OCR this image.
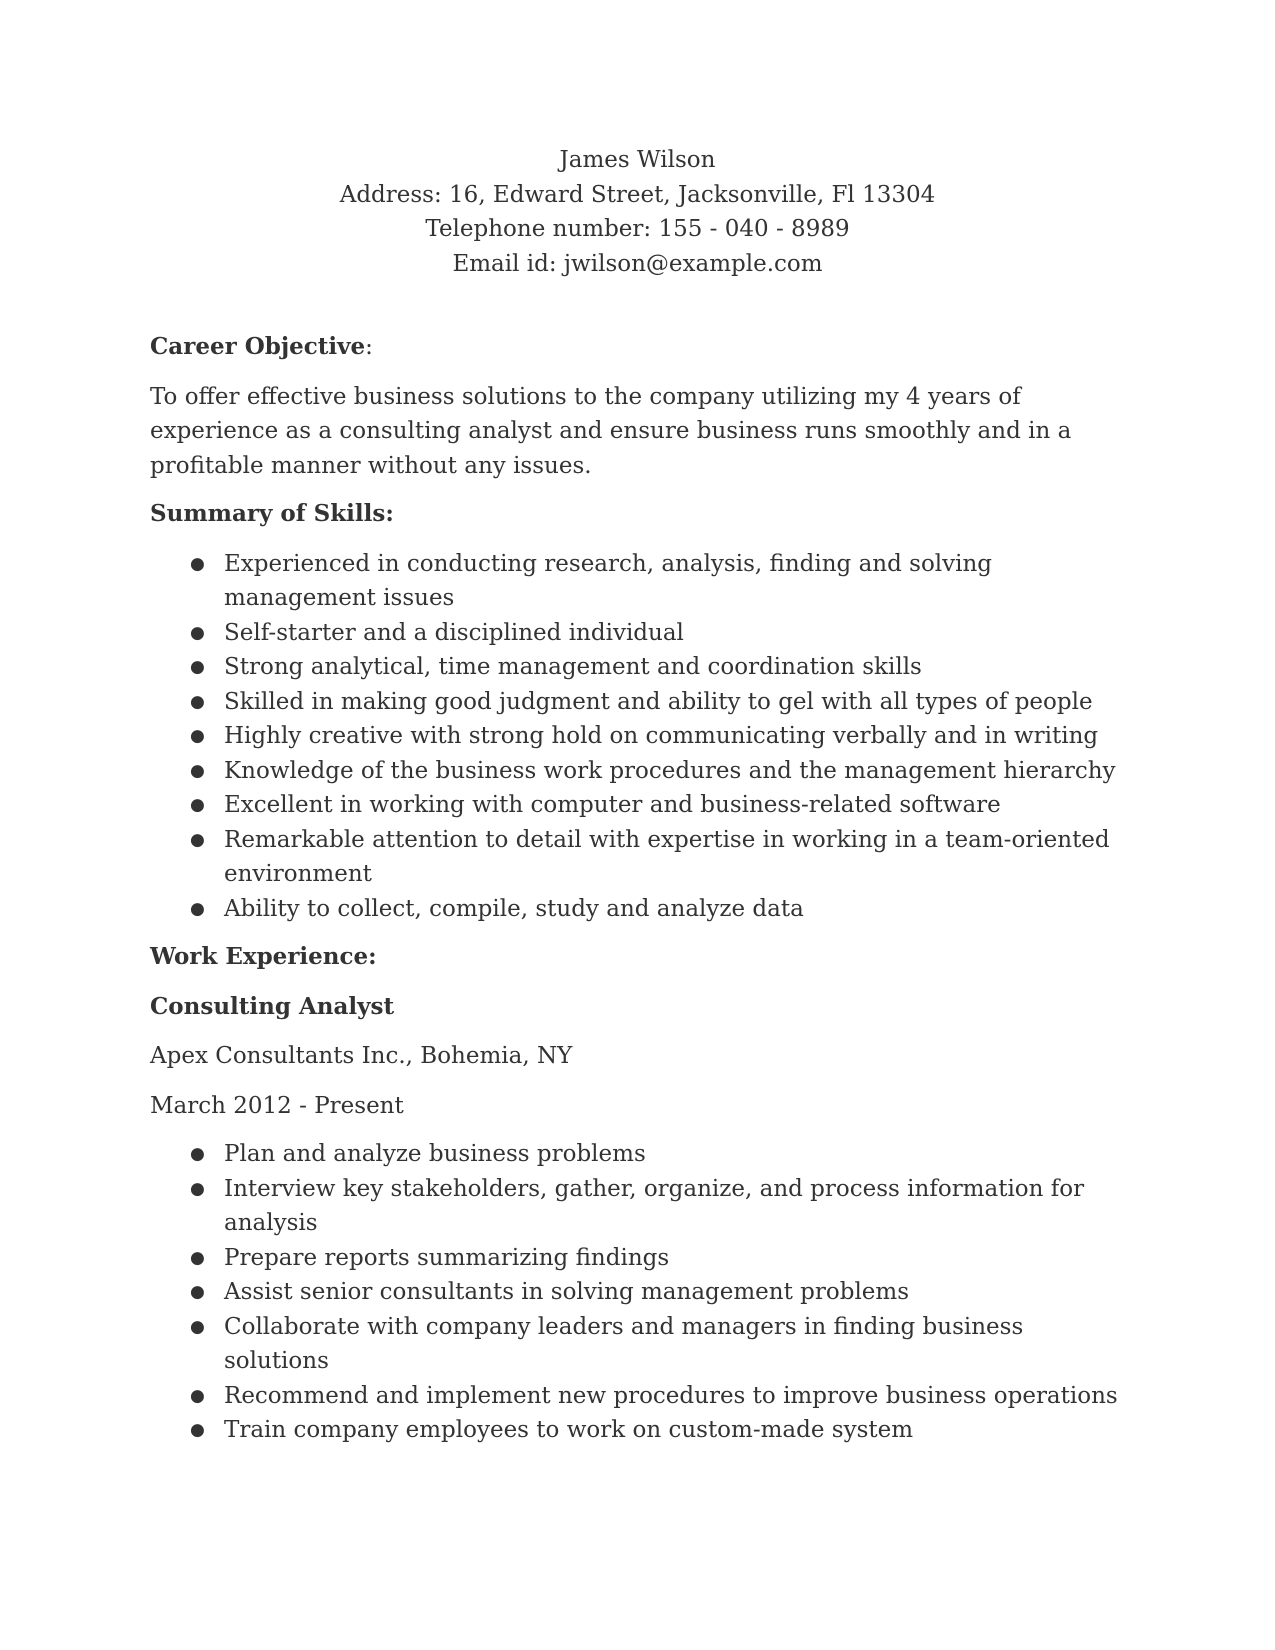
James Wilson
Address: 16, Edward Street, Jacksonville, Fl 13304
Telephone number: 155 - 040 - 8989
Email id: jwilson@example.com

Career Objective:

To offer effective business solutions to the company utilizing my 4 years of experience as a consulting analyst and ensure business runs smoothly and in a profitable manner without any issues.

Summary of Skills:

● Experienced in conducting research, analysis, finding and solving management issues
● Self-starter and a disciplined individual
● Strong analytical, time management and coordination skills
● Skilled in making good judgment and ability to gel with all types of people
● Highly creative with strong hold on communicating verbally and in writing
● Knowledge of the business work procedures and the management hierarchy
● Excellent in working with computer and business-related software
● Remarkable attention to detail with expertise in working in a team-oriented environment
● Ability to collect, compile, study and analyze data

Work Experience:

Consulting Analyst

Apex Consultants Inc., Bohemia, NY

March 2012 - Present

● Plan and analyze business problems
● Interview key stakeholders, gather, organize, and process information for analysis
● Prepare reports summarizing findings
● Assist senior consultants in solving management problems
● Collaborate with company leaders and managers in finding business solutions
● Recommend and implement new procedures to improve business operations
● Train company employees to work on custom-made system
